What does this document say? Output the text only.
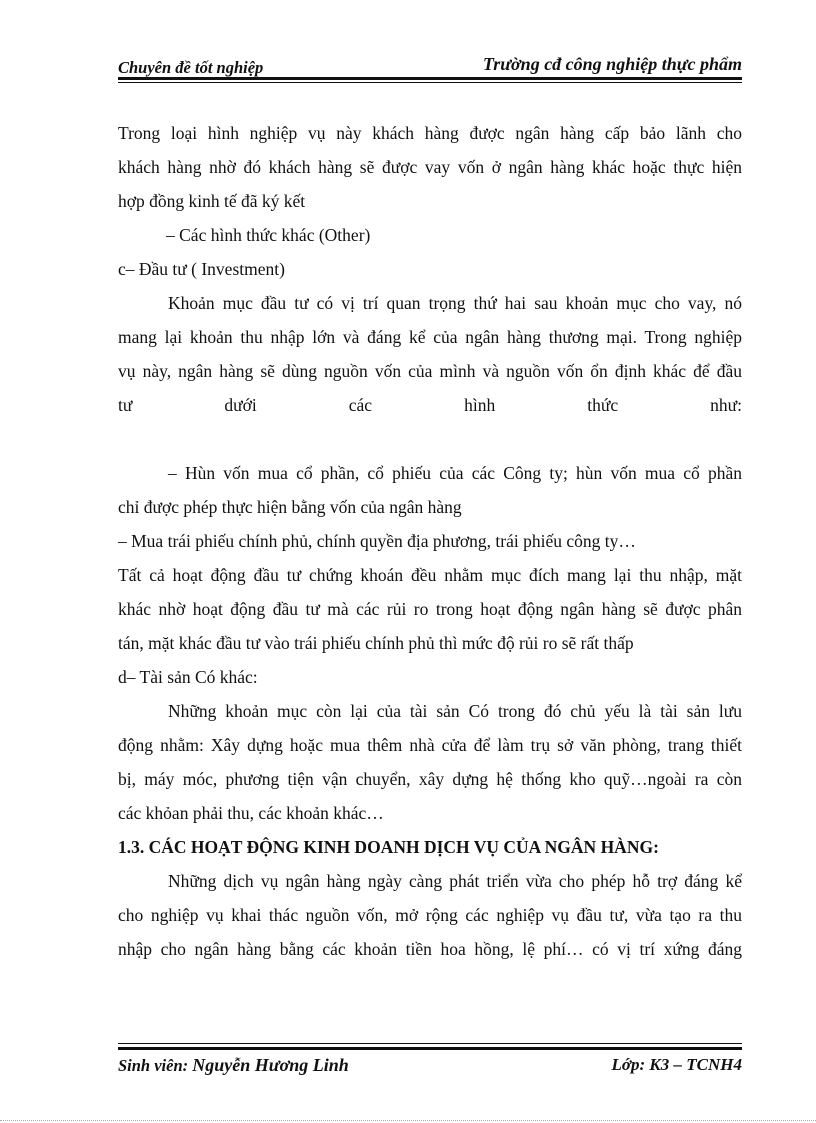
Chuyên đề tốt nghiệp	Trường cđ công nghiệp thực phẩm
Trong loại hình nghiệp vụ này khách hàng được ngân hàng cấp bảo lãnh cho
khách hàng nhờ đó khách hàng sẽ được vay vốn ở ngân hàng khác hoặc thực hiện
hợp đồng kinh tế đã ký kết
– Các hình thức khác (Other)
c– Đầu tư ( Investment)
Khoản mục đầu tư có vị trí quan trọng thứ hai sau khoản mục cho vay, nó
mang lại khoản thu nhập lớn và đáng kể của ngân hàng thương mại. Trong nghiệp
vụ này, ngân hàng sẽ dùng nguồn vốn của mình và nguồn vốn ổn định khác để đầu
tư dưới các hình thức như:
– Hùn vốn mua cổ phần, cổ phiếu của các Công ty; hùn vốn mua cổ phần
chỉ được phép thực hiện bằng vốn của ngân hàng
– Mua trái phiếu chính phủ, chính quyền địa phương, trái phiếu công ty…
Tất cả hoạt động đầu tư chứng khoán đều nhằm mục đích mang lại thu nhập, mặt
khác nhờ hoạt động đầu tư mà các rủi ro trong hoạt động ngân hàng sẽ được phân
tán, mặt khác đầu tư vào trái phiếu chính phủ thì mức độ rủi ro sẽ rất thấp
d– Tài sản Có khác:
Những khoản mục còn lại của tài sản Có trong đó chủ yếu là tài sản lưu
động nhằm: Xây dựng hoặc mua thêm nhà cửa để làm trụ sở văn phòng, trang thiết
bị, máy móc, phương tiện vận chuyển, xây dựng hệ thống kho quỹ…ngoài ra còn
các khỏan phải thu, các khoản khác…
1.3. CÁC HOẠT ĐỘNG KINH DOANH DỊCH VỤ CỦA NGÂN HÀNG:
Những dịch vụ ngân hàng ngày càng phát triển vừa cho phép hỗ trợ đáng kể
cho nghiệp vụ khai thác nguồn vốn, mở rộng các nghiệp vụ đầu tư, vừa tạo ra thu
nhập cho ngân hàng bằng các khoản tiền hoa hồng, lệ phí… có vị trí xứng đáng
Sinh viên: Nguyễn Hương Linh	Lớp: K3 – TCNH4
